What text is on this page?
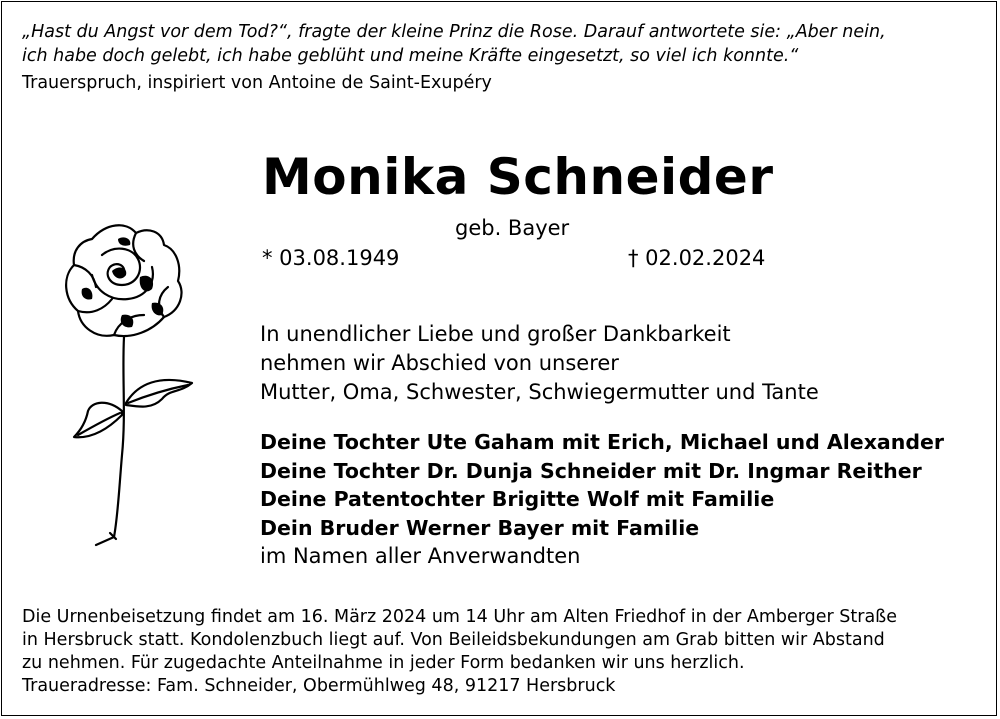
„Hast du Angst vor dem Tod?“, fragte der kleine Prinz die Rose. Darauf antwortete sie: „Aber nein,
ich habe doch gelebt, ich habe geblüht und meine Kräfte eingesetzt, so viel ich konnte.“
Trauerspruch, inspiriert von Antoine de Saint-Exupéry
Monika Schneider
geb. Bayer
* 03.08.1949	† 02.02.2024
In unendlicher Liebe und großer Dankbarkeit
nehmen wir Abschied von unserer
Mutter, Oma, Schwester, Schwiegermutter und Tante
Deine Tochter Ute Gaham mit Erich, Michael und Alexander
Deine Tochter Dr. Dunja Schneider mit Dr. Ingmar Reither
Deine Patentochter Brigitte Wolf mit Familie
Dein Bruder Werner Bayer mit Familie
im Namen aller Anverwandten
Die Urnenbeisetzung findet am 16. März 2024 um 14 Uhr am Alten Friedhof in der Amberger Straße
in Hersbruck statt. Kondolenzbuch liegt auf. Von Beileidsbekundungen am Grab bitten wir Abstand
zu nehmen. Für zugedachte Anteilnahme in jeder Form bedanken wir uns herzlich.
Traueradresse: Fam. Schneider, Obermühlweg 48, 91217 Hersbruck
